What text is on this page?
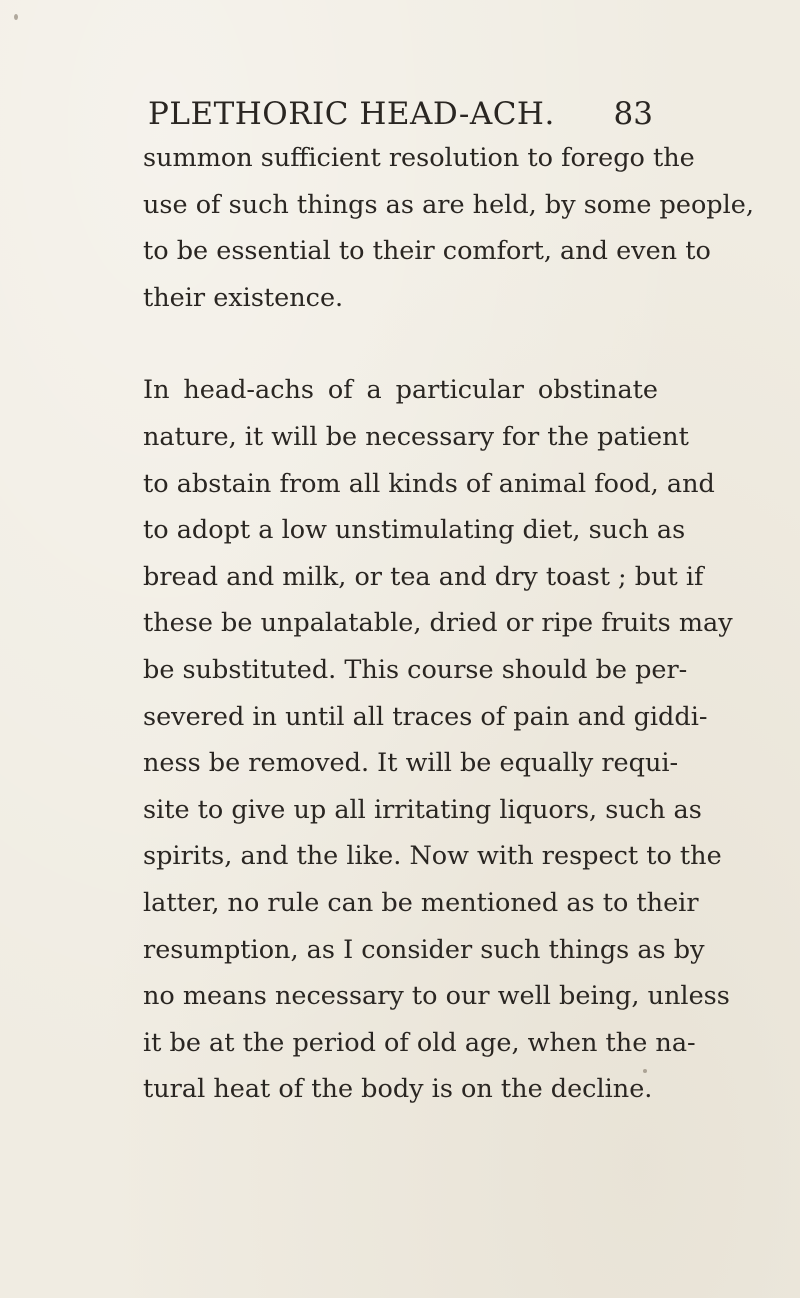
PLETHORIC HEAD-ACH. 83
summon sufficient resolution to forego the
use of such things as are held, by some people,
to be essential to their comfort, and even to
their existence.
In head-achs of a particular obstinate
nature, it will be necessary for the patient
to abstain from all kinds of animal food, and
to adopt a low unstimulating diet, such as
bread and milk, or tea and dry toast ; but if
these be unpalatable, dried or ripe fruits may
be substituted. This course should be per-
severed in until all traces of pain and giddi-
ness be removed. It will be equally requi-
site to give up all irritating liquors, such as
spirits, and the like. Now with respect to the
latter, no rule can be mentioned as to their
resumption, as I consider such things as by
no means necessary to our well being, unless
it be at the period of old age, when the na-
tural heat of the body is on the decline.
